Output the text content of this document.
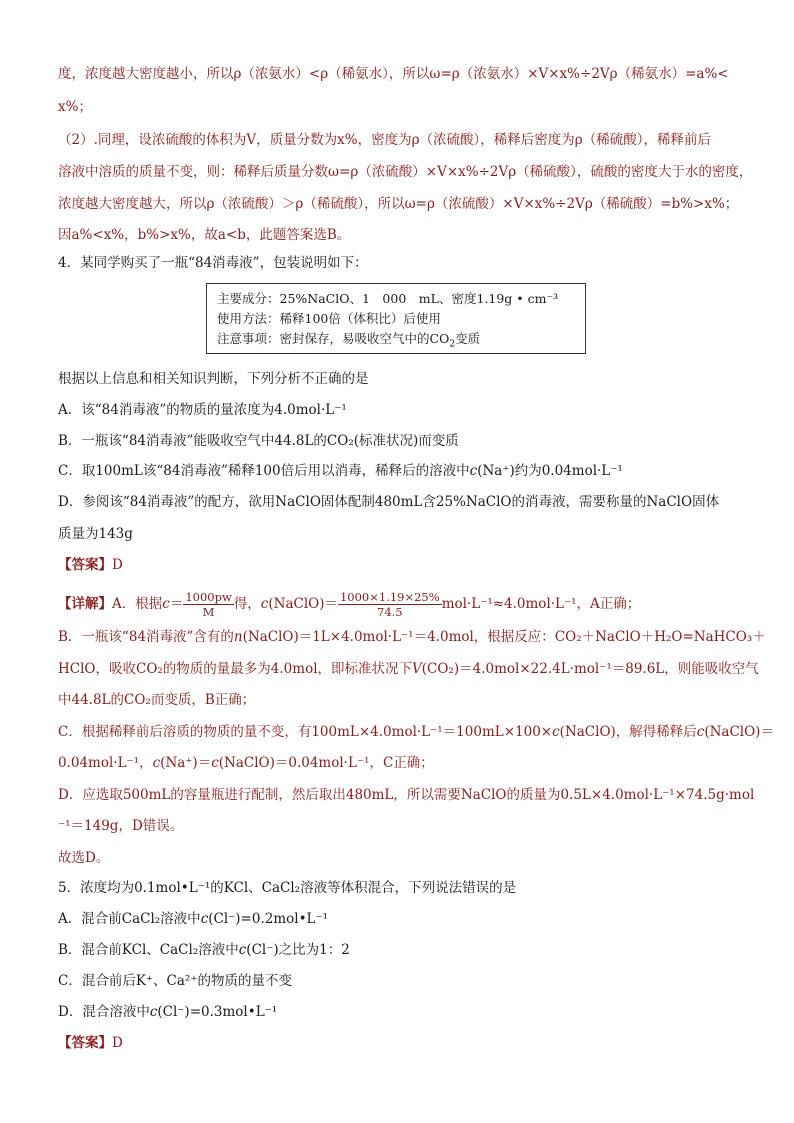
度，浓度越大密度越小，所以ρ（浓氨水）<ρ（稀氨水），所以ω=ρ（浓氨水）×V×x%÷2Vρ（稀氨水）=a%<
x%；
（2）.同理，设浓硫酸的体积为V，质量分数为x%，密度为ρ（浓硫酸），稀释后密度为ρ（稀硫酸），稀释前后
溶液中溶质的质量不变，则：稀释后质量分数ω=ρ（浓硫酸）×V×x%÷2Vρ（稀硫酸），硫酸的密度大于水的密度，
浓度越大密度越大，所以ρ（浓硫酸）＞ρ（稀硫酸），所以ω=ρ（浓硫酸）×V×x%÷2Vρ（稀硫酸）=b%>x%；
因a%<x%，b%>x%，故a<b，此题答案选B。
4．某同学购买了一瓶“84消毒液”，包装说明如下：
主要成分：25%NaClO、1　000　mL、密度1.19g • cm⁻³
使用方法：稀释100倍（体积比）后使用
注意事项：密封保存，易吸收空气中的$CO_2$变质
根据以上信息和相关知识判断，下列分析不正确的是
A．该“84消毒液”的物质的量浓度为4.0mol·L⁻¹
B．一瓶该“84消毒液”能吸收空气中44.8L的CO₂(标准状况)而变质
C．取100mL该“84消毒液”稀释100倍后用以消毒，稀释后的溶液中c(Na⁺)约为0.04mol·L⁻¹
D．参阅该“84消毒液”的配方，欲用NaClO固体配制480mL含25%NaClO的消毒液，需要称量的NaClO固体
质量为143g
【答案】D
【详解】A．根据$c= \frac{1000pw}{M}$ 得，c(NaClO)＝ $\frac{1000\times 1.19\times 25\%}{74.5} mol\cdot L^{-1}\approx 4.0mol\cdot L^{-1}$，A正确；
B．一瓶该“84消毒液”含有的n(NaClO)＝1L×4.0mol·L⁻¹＝4.0mol，根据反应：CO₂＋NaClO＋H₂O=NaHCO₃＋
HClO，吸收CO₂的物质的量最多为4.0mol，即标准状况下V(CO₂)＝4.0mol×22.4L·mol⁻¹＝89.6L，则能吸收空气
中44.8L的CO₂而变质，B正确；
C．根据稀释前后溶质的物质的量不变，有100mL×4.0mol·L⁻¹＝100mL×100×c(NaClO)，解得稀释后c(NaClO)＝
0.04mol·L⁻¹，c(Na⁺)＝c(NaClO)＝0.04mol·L⁻¹，C正确；
D．应选取500mL的容量瓶进行配制，然后取出480mL，所以需要NaClO的质量为0.5L×4.0mol·L⁻¹×74.5g·mol
⁻¹＝149g，D错误。
故选D。
5．浓度均为0.1mol•L⁻¹的KCl、CaCl₂溶液等体积混合，下列说法错误的是
A．混合前CaCl₂溶液中c(Cl⁻)=0.2mol•L⁻¹
B．混合前KCl、CaCl₂溶液中c(Cl⁻)之比为1：2
C．混合前后K⁺、Ca²⁺的物质的量不变
D．混合溶液中c(Cl⁻)=0.3mol•L⁻¹
【答案】D
